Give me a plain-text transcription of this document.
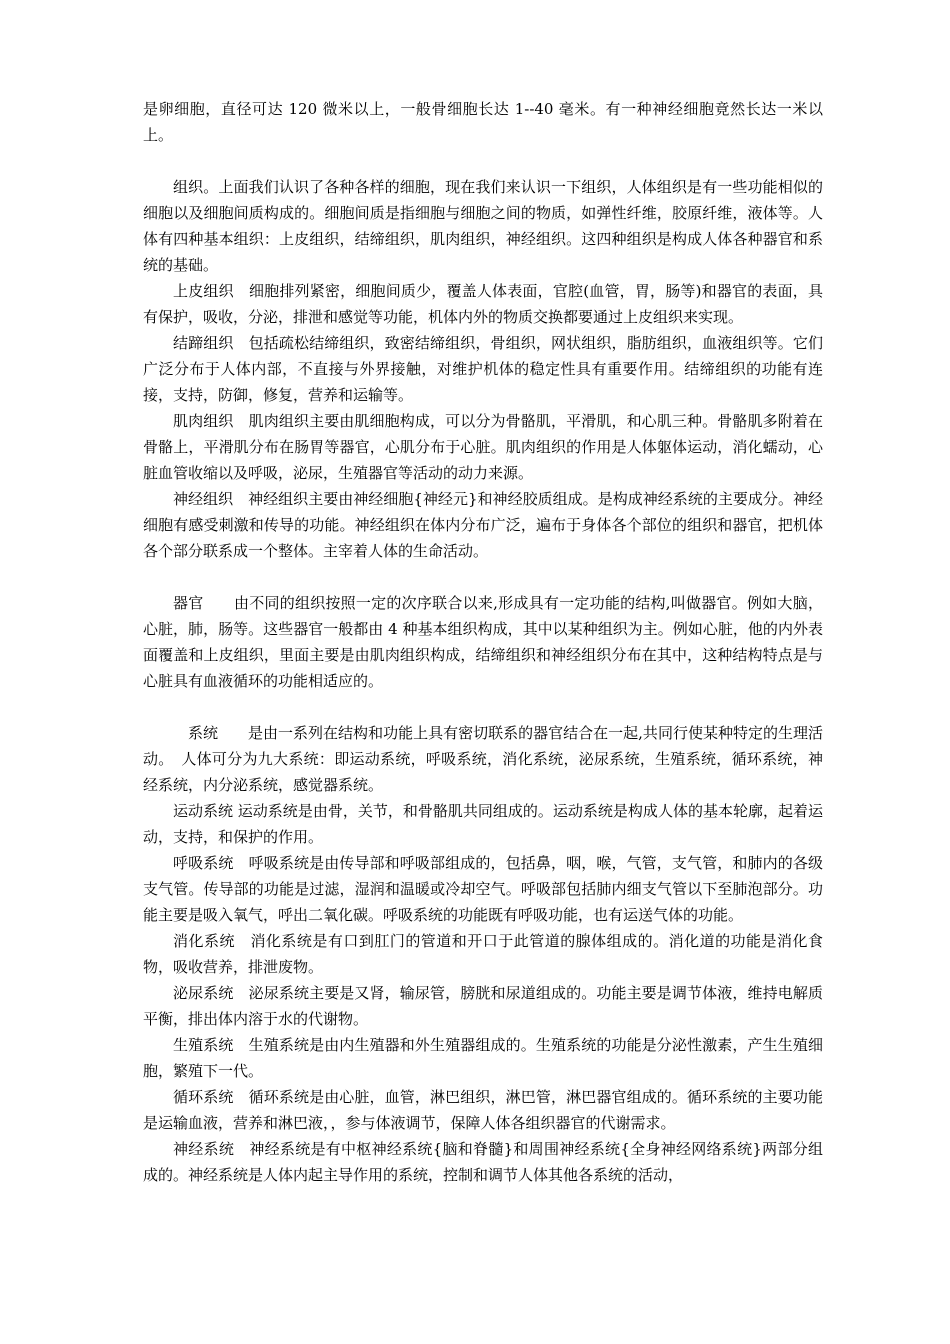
是卵细胞，直径可达 120 微米以上，一般骨细胞长达 1--40 毫米。有一种神经细胞竟然长达一米以上。

组织。上面我们认识了各种各样的细胞，现在我们来认识一下组织，人体组织是有一些功能相似的细胞以及细胞间质构成的。细胞间质是指细胞与细胞之间的物质，如弹性纤维，胶原纤维，液体等。人体有四种基本组织：上皮组织，结缔组织，肌肉组织，神经组织。这四种组织是构成人体各种器官和系统的基础。

上皮组织　细胞排列紧密，细胞间质少，覆盖人体表面，官腔(血管，胃，肠等)和器官的表面，具有保护，吸收，分泌，排泄和感觉等功能，机体内外的物质交换都要通过上皮组织来实现。

结蹄组织　包括疏松结缔组织，致密结缔组织，骨组织，网状组织，脂肪组织，血液组织等。它们广泛分布于人体内部，不直接与外界接触，对维护机体的稳定性具有重要作用。结缔组织的功能有连接，支持，防御，修复，营养和运输等。

肌肉组织　肌肉组织主要由肌细胞构成，可以分为骨骼肌，平滑肌，和心肌三种。骨骼肌多附着在骨骼上，平滑肌分布在肠胃等器官，心肌分布于心脏。肌肉组织的作用是人体躯体运动，消化蠕动，心脏血管收缩以及呼吸，泌尿，生殖器官等活动的动力来源。

神经组织　神经组织主要由神经细胞{神经元}和神经胶质组成。是构成神经系统的主要成分。神经细胞有感受刺激和传导的功能。神经组织在体内分布广泛，遍布于身体各个部位的组织和器官，把机体各个部分联系成一个整体。主宰着人体的生命活动。

器官　　由不同的组织按照一定的次序联合以来,形成具有一定功能的结构,叫做器官。例如大脑，心脏，肺，肠等。这些器官一般都由 4 种基本组织构成，其中以某种组织为主。例如心脏，他的内外表面覆盖和上皮组织，里面主要是由肌肉组织构成，结缔组织和神经组织分布在其中，这种结构特点是与心脏具有血液循环的功能相适应的。

　系统　　是由一系列在结构和功能上具有密切联系的器官结合在一起,共同行使某种特定的生理活动。　人体可分为九大系统：即运动系统，呼吸系统，消化系统，泌尿系统，生殖系统，循环系统，神经系统，内分泌系统，感觉器系统。

运动系统 运动系统是由骨，关节，和骨骼肌共同组成的。运动系统是构成人体的基本轮廓，起着运动，支持，和保护的作用。

呼吸系统　呼吸系统是由传导部和呼吸部组成的，包括鼻，咽，喉，气管，支气管，和肺内的各级支气管。传导部的功能是过滤，湿润和温暖或冷却空气。呼吸部包括肺内细支气管以下至肺泡部分。功能主要是吸入氧气，呼出二氧化碳。呼吸系统的功能既有呼吸功能，也有运送气体的功能。

消化系统　消化系统是有口到肛门的管道和开口于此管道的腺体组成的。消化道的功能是消化食物，吸收营养，排泄废物。

泌尿系统　泌尿系统主要是又肾，输尿管，膀胱和尿道组成的。功能主要是调节体液，维持电解质平衡，排出体内溶于水的代谢物。

生殖系统　生殖系统是由内生殖器和外生殖器组成的。生殖系统的功能是分泌性激素，产生生殖细胞，繁殖下一代。

循环系统　循环系统是由心脏，血管，淋巴组织，淋巴管，淋巴器官组成的。循环系统的主要功能是运输血液，营养和淋巴液，，参与体液调节，保障人体各组织器官的代谢需求。

神经系统　神经系统是有中枢神经系统{脑和脊髓}和周围神经系统{全身神经网络系统}两部分组成的。神经系统是人体内起主导作用的系统，控制和调节人体其他各系统的活动，
